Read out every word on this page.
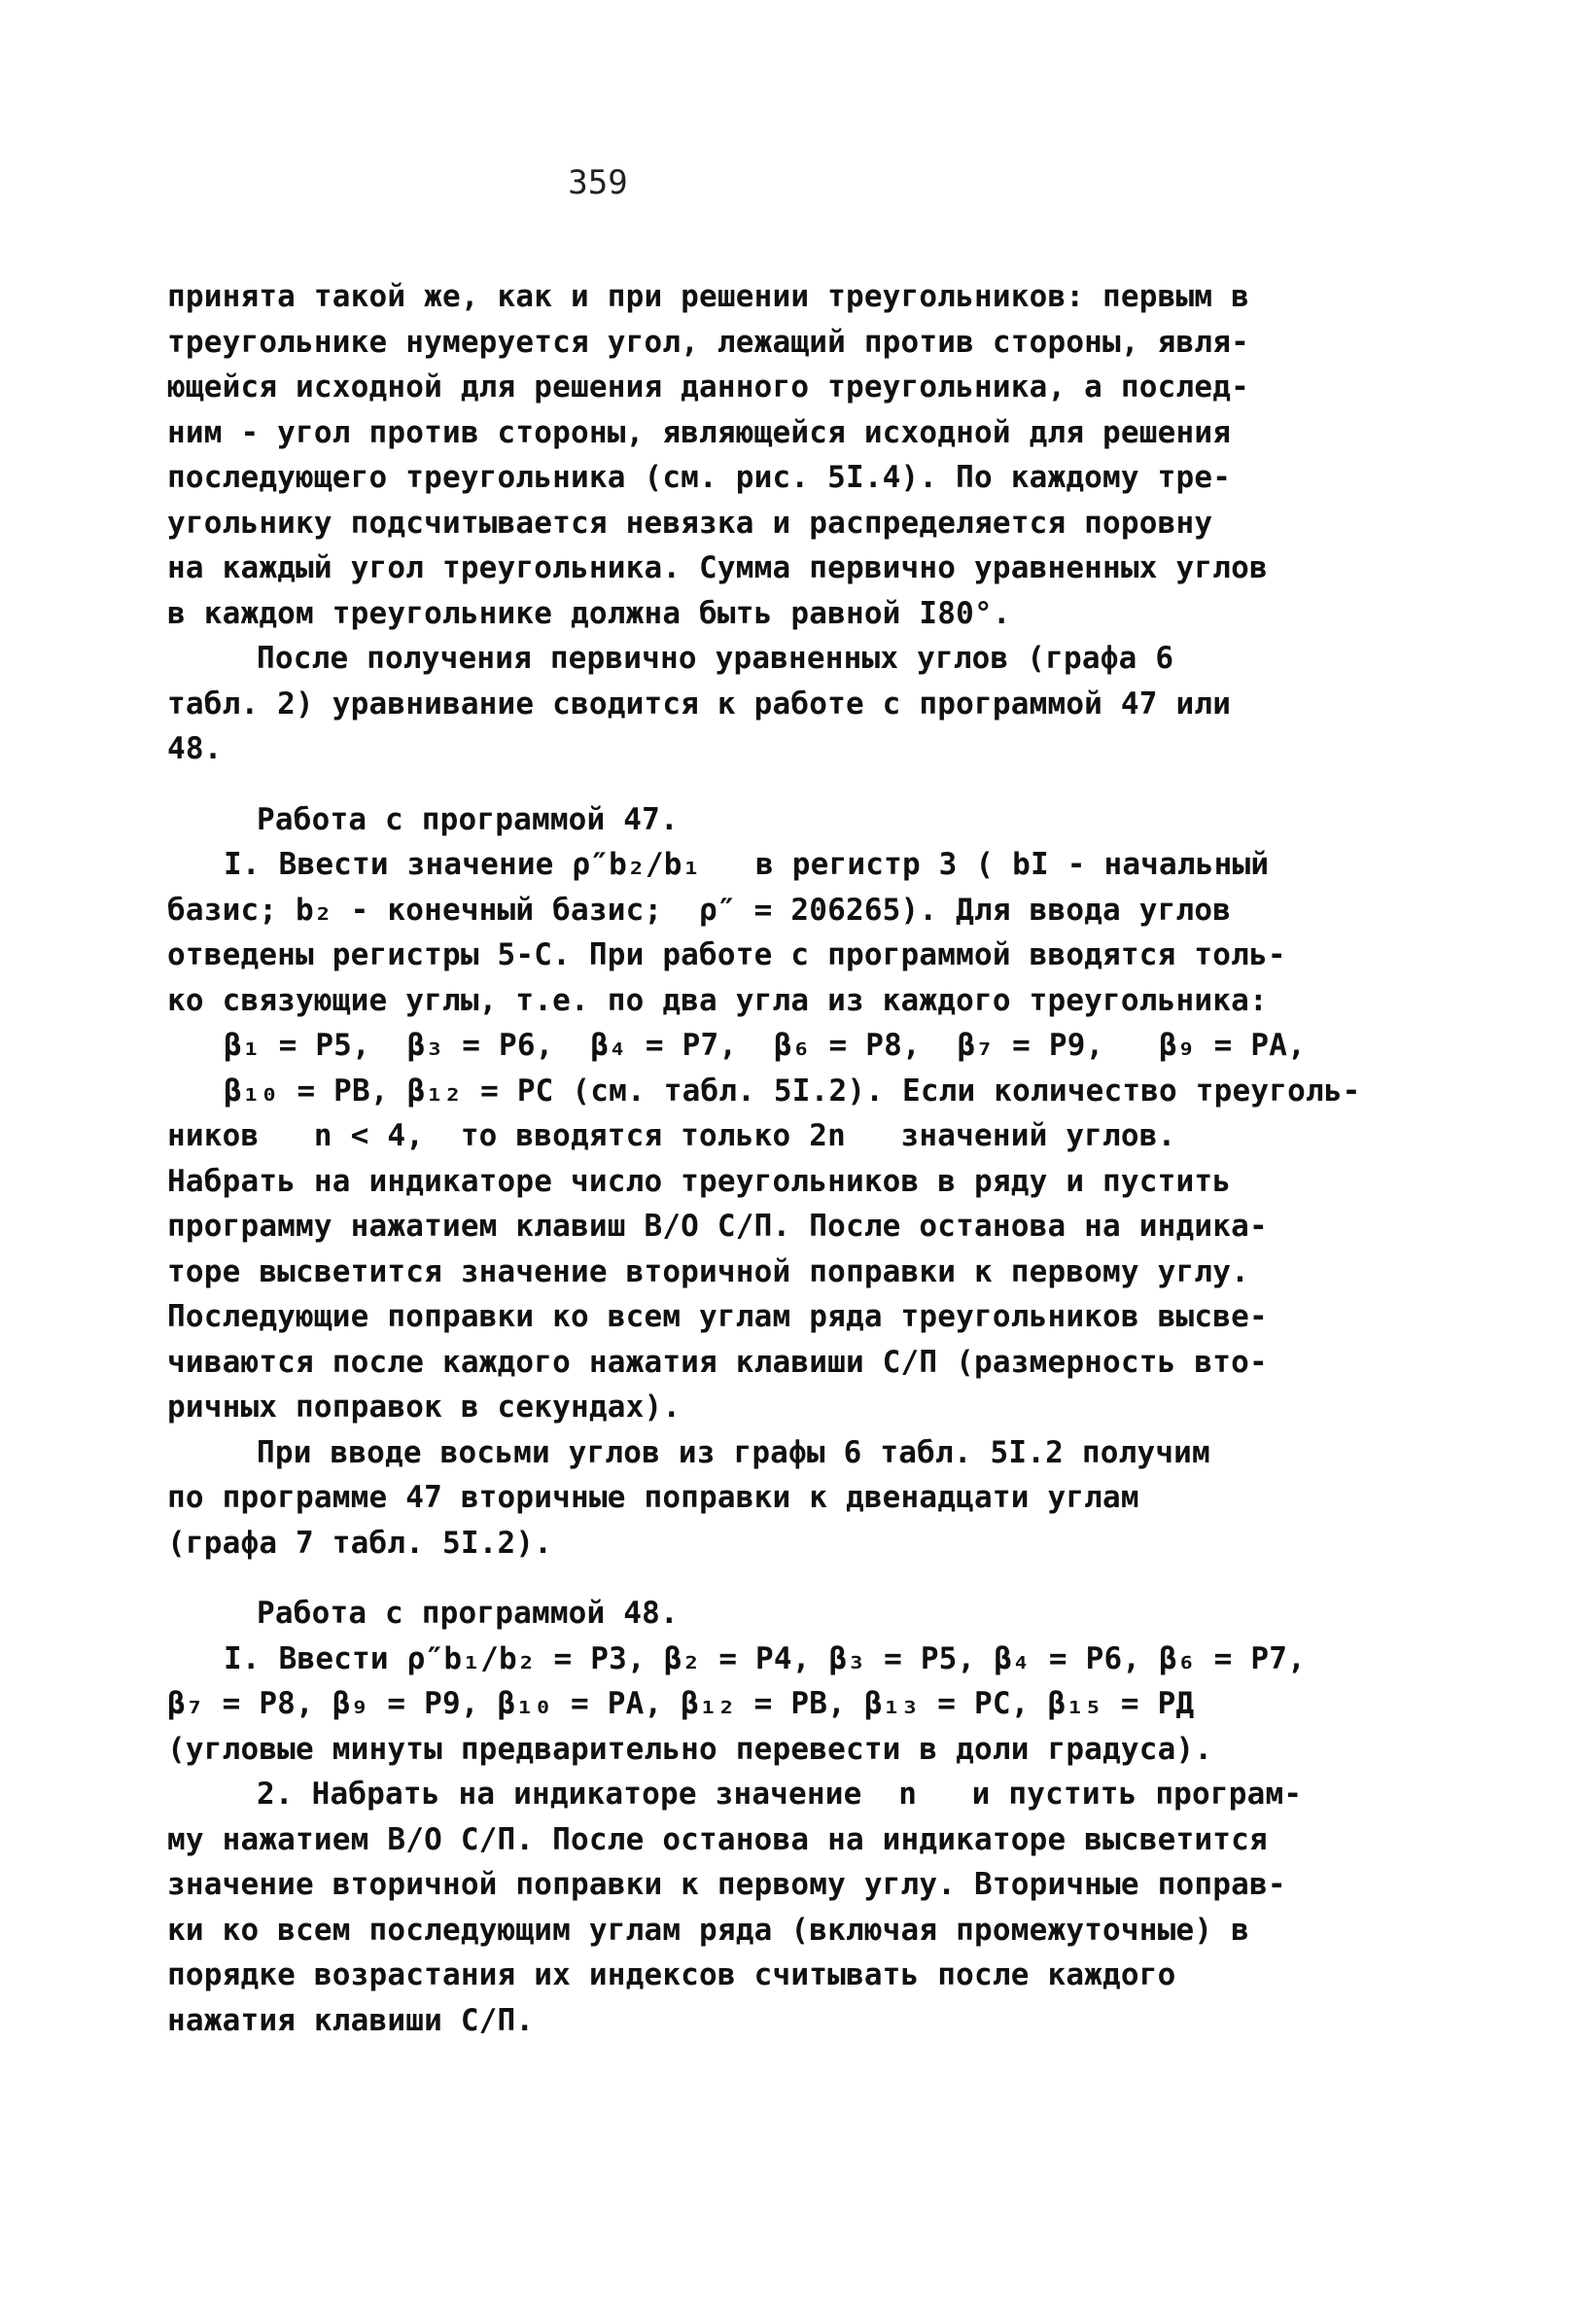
359
принята такой же, как и при решении треугольников: первым в
треугольнике нумеруется угол, лежащий против стороны, явля-
ющейся исходной для решения данного треугольника, а послед-
ним - угол против стороны, являющейся исходной для решения
последующего треугольника (см. рис. 5I.4). По каждому тре-
угольнику подсчитывается невязка и распределяется поровну
на каждый угол треугольника. Сумма первично уравненных углов
в каждом треугольнике должна быть равной I80°.
После получения первично уравненных углов (графа 6
табл. 2) уравнивание сводится к работе с программой 47 или
48.
Работа с программой 47.
I. Ввести значение ρ″b₂/b₁   в регистр 3 ( bI - начальный
базис; b₂ - конечный базис;  ρ″ = 206265). Для ввода углов
отведены регистры 5-С. При работе с программой вводятся толь-
ко связующие углы, т.е. по два угла из каждого треугольника:
β₁ = Р5,  β₃ = Р6,  β₄ = Р7,  β₆ = Р8,  β₇ = Р9,   β₉ = РА,
β₁₀ = РВ, β₁₂ = РС (см. табл. 5I.2). Если количество треуголь-
ников   n < 4,  то вводятся только 2n   значений углов.
Набрать на индикаторе число треугольников в ряду и пустить
программу нажатием клавиш В/О С/П. После останова на индика-
торе высветится значение вторичной поправки к первому углу.
Последующие поправки ко всем углам ряда треугольников высве-
чиваются после каждого нажатия клавиши С/П (размерность вто-
ричных поправок в секундах).
При вводе восьми углов из графы 6 табл. 5I.2 получим
по программе 47 вторичные поправки к двенадцати углам
(графа 7 табл. 5I.2).
Работа с программой 48.
I. Ввести ρ″b₁/b₂ = Р3, β₂ = Р4, β₃ = Р5, β₄ = Р6, β₆ = Р7,
β₇ = Р8, β₉ = Р9, β₁₀ = РА, β₁₂ = РВ, β₁₃ = РС, β₁₅ = РД
(угловые минуты предварительно перевести в доли градуса).
2. Набрать на индикаторе значение  n   и пустить програм-
му нажатием В/О С/П. После останова на индикаторе высветится
значение вторичной поправки к первому углу. Вторичные поправ-
ки ко всем последующим углам ряда (включая промежуточные) в
порядке возрастания их индексов считывать после каждого
нажатия клавиши С/П.
